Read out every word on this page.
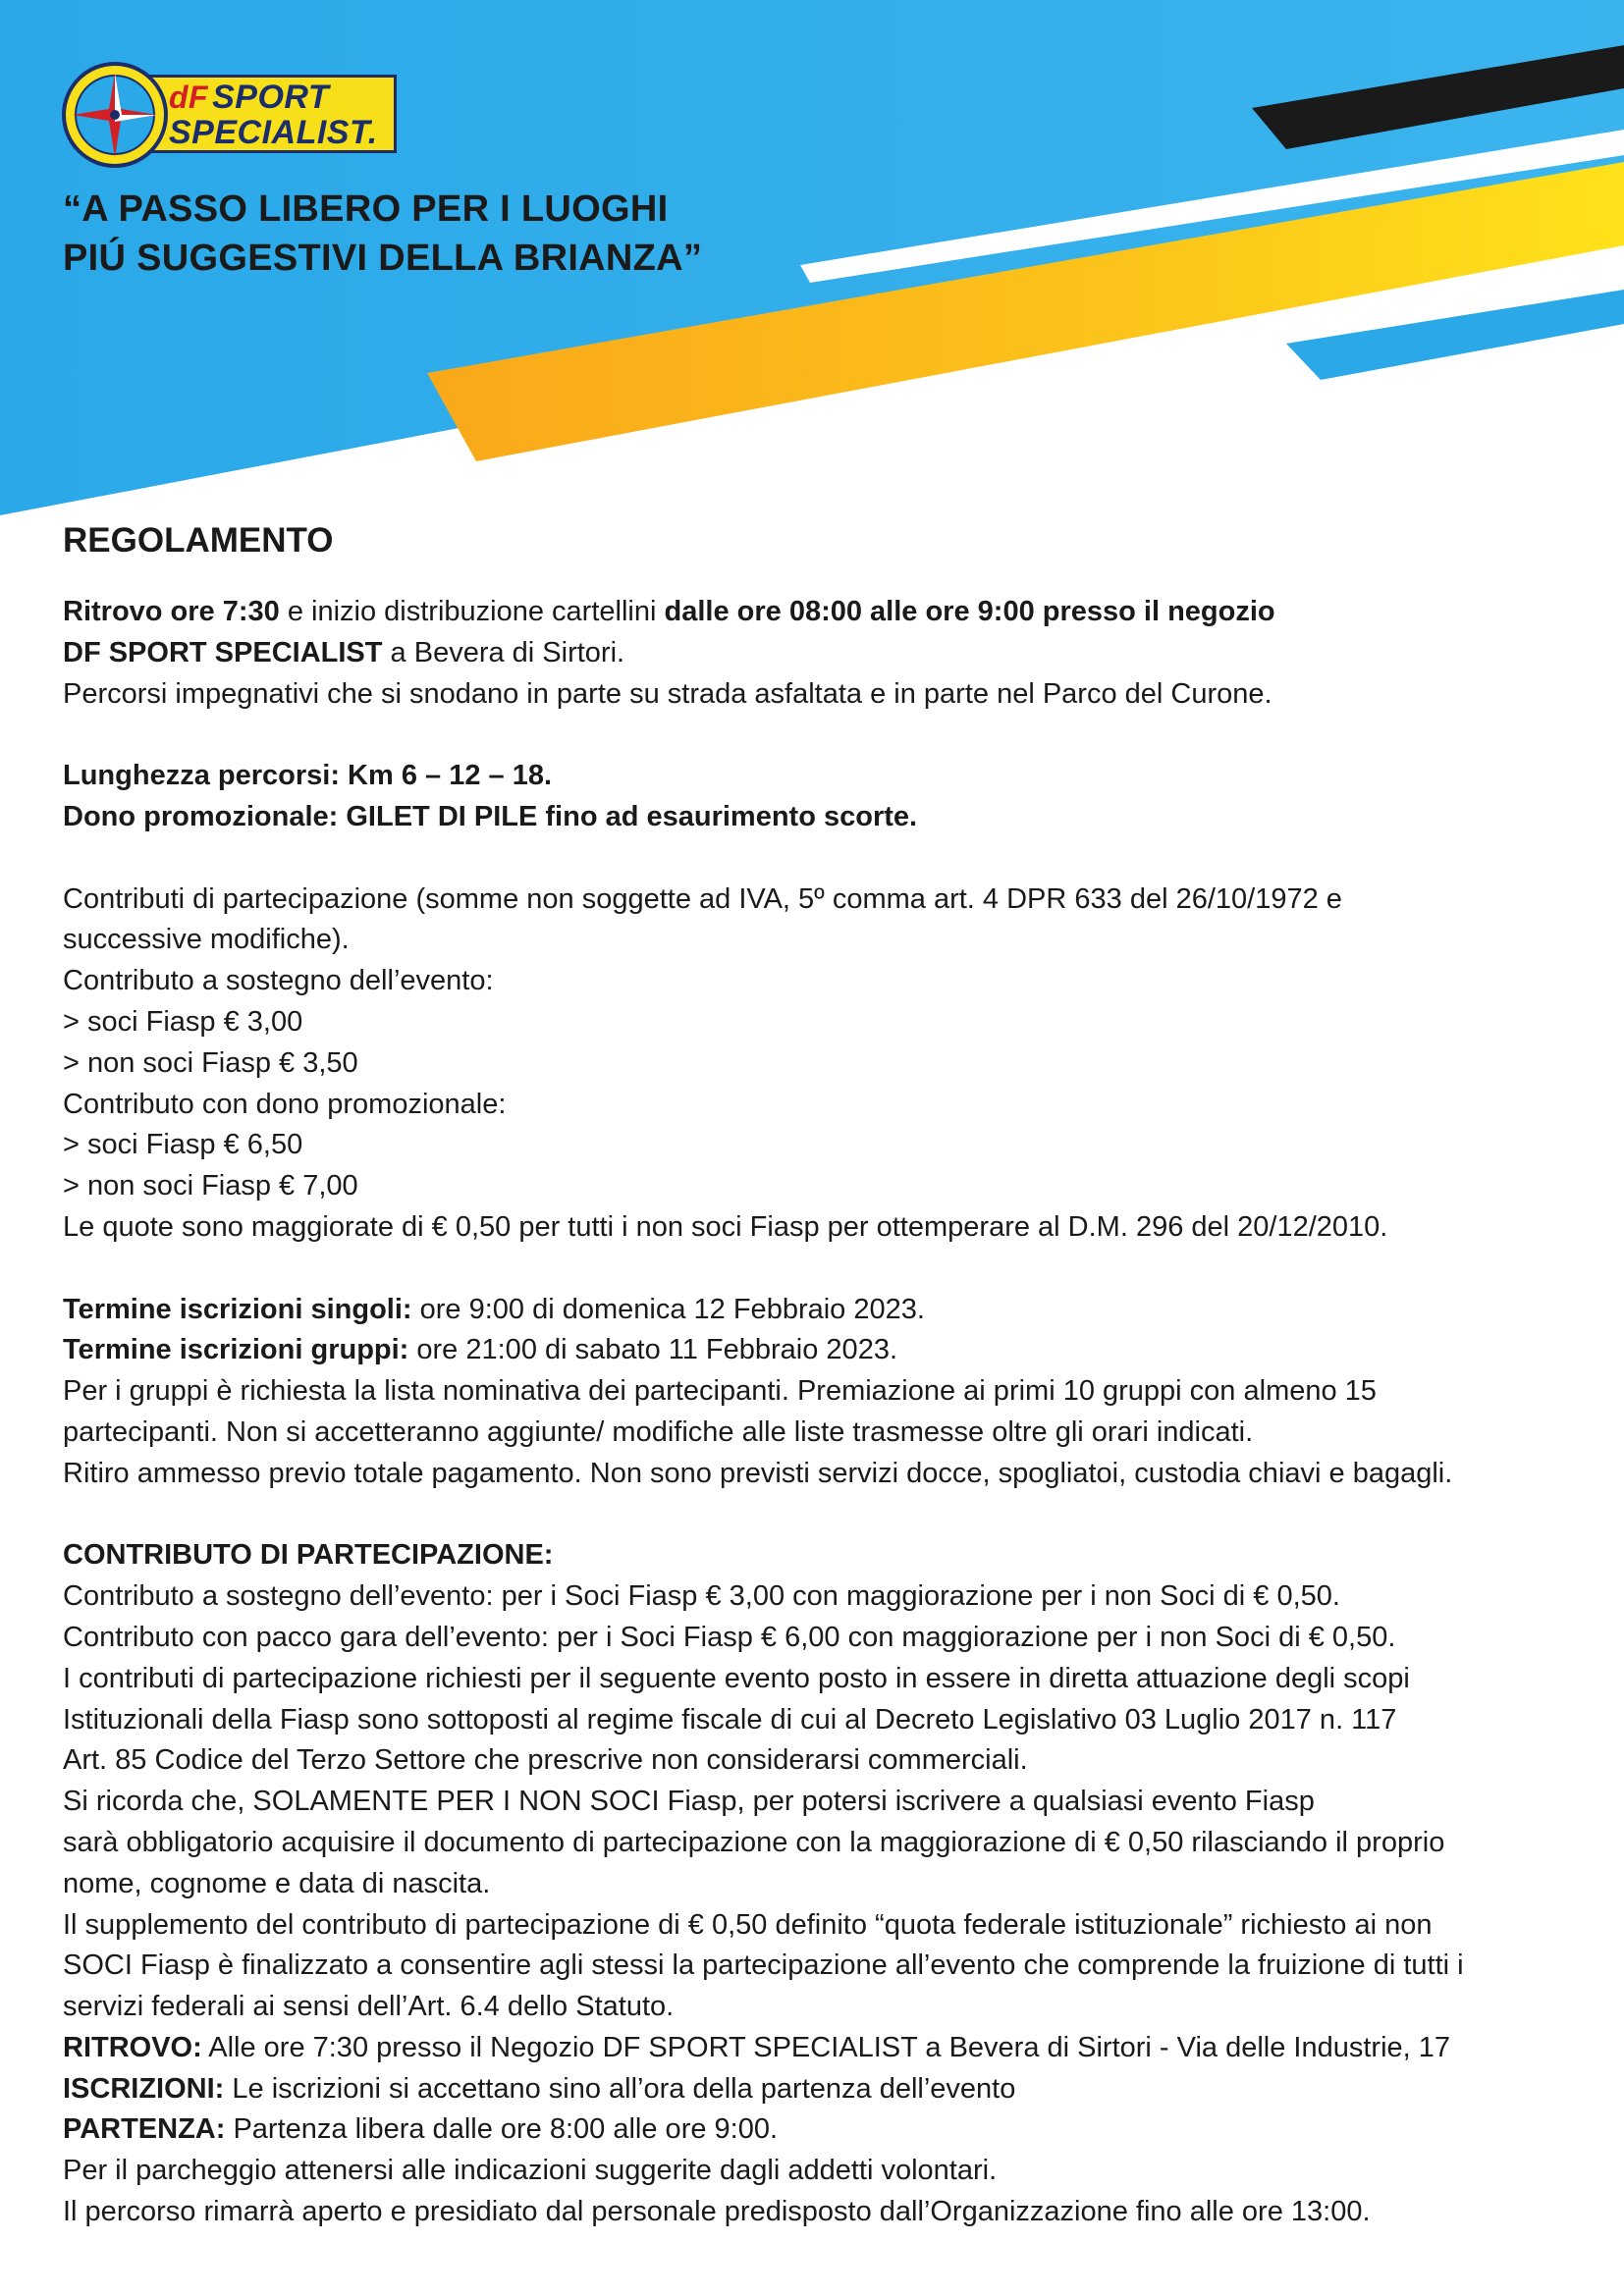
dF SPORT
SPECIALIST.
“A PASSO LIBERO PER I LUOGHI
PIÚ SUGGESTIVI DELLA BRIANZA”
REGOLAMENTO

Ritrovo ore 7:30 e inizio distribuzione cartellini dalle ore 08:00 alle ore 9:00 presso il negozio

DF SPORT SPECIALIST a Bevera di Sirtori.

Percorsi impegnativi che si snodano in parte su strada asfaltata e in parte nel Parco del Curone.

Lunghezza percorsi: Km 6 – 12 – 18.

Dono promozionale: GILET DI PILE fino ad esaurimento scorte.

Contributi di partecipazione (somme non soggette ad IVA, 5º comma art. 4 DPR 633 del 26/10/1972 e

successive modifiche).

Contributo a sostegno dell’evento:

> soci Fiasp € 3,00

> non soci Fiasp € 3,50

Contributo con dono promozionale:

> soci Fiasp € 6,50

> non soci Fiasp € 7,00

Le quote sono maggiorate di € 0,50 per tutti i non soci Fiasp per ottemperare al D.M. 296 del 20/12/2010.

Termine iscrizioni singoli: ore 9:00 di domenica 12 Febbraio 2023.

Termine iscrizioni gruppi: ore 21:00 di sabato 11 Febbraio 2023.

Per i gruppi è richiesta la lista nominativa dei partecipanti. Premiazione ai primi 10 gruppi con almeno 15

partecipanti. Non si accetteranno aggiunte/ modifiche alle liste trasmesse oltre gli orari indicati.

Ritiro ammesso previo totale pagamento. Non sono previsti servizi docce, spogliatoi, custodia chiavi e bagagli.

CONTRIBUTO DI PARTECIPAZIONE:

Contributo a sostegno dell’evento: per i Soci Fiasp € 3,00 con maggiorazione per i non Soci di € 0,50.

Contributo con pacco gara dell’evento: per i Soci Fiasp € 6,00 con maggiorazione per i non Soci di € 0,50.

I contributi di partecipazione richiesti per il seguente evento posto in essere in diretta attuazione degli scopi

Istituzionali della Fiasp sono sottoposti al regime fiscale di cui al Decreto Legislativo 03 Luglio 2017 n. 117

Art. 85 Codice del Terzo Settore che prescrive non considerarsi commerciali.

Si ricorda che, SOLAMENTE PER I NON SOCI Fiasp, per potersi iscrivere a qualsiasi evento Fiasp

sarà obbligatorio acquisire il documento di partecipazione con la maggiorazione di € 0,50 rilasciando il proprio

nome, cognome e data di nascita.

Il supplemento del contributo di partecipazione di € 0,50 definito “quota federale istituzionale” richiesto ai non

SOCI Fiasp è finalizzato a consentire agli stessi la partecipazione all’evento che comprende la fruizione di tutti i

servizi federali ai sensi dell’Art. 6.4 dello Statuto.

RITROVO: Alle ore 7:30 presso il Negozio DF SPORT SPECIALIST a Bevera di Sirtori - Via delle Industrie, 17

ISCRIZIONI: Le iscrizioni si accettano sino all’ora della partenza dell’evento

PARTENZA: Partenza libera dalle ore 8:00 alle ore 9:00.

Per il parcheggio attenersi alle indicazioni suggerite dagli addetti volontari.

Il percorso rimarrà aperto e presidiato dal personale predisposto dall’Organizzazione fino alle ore 13:00.
